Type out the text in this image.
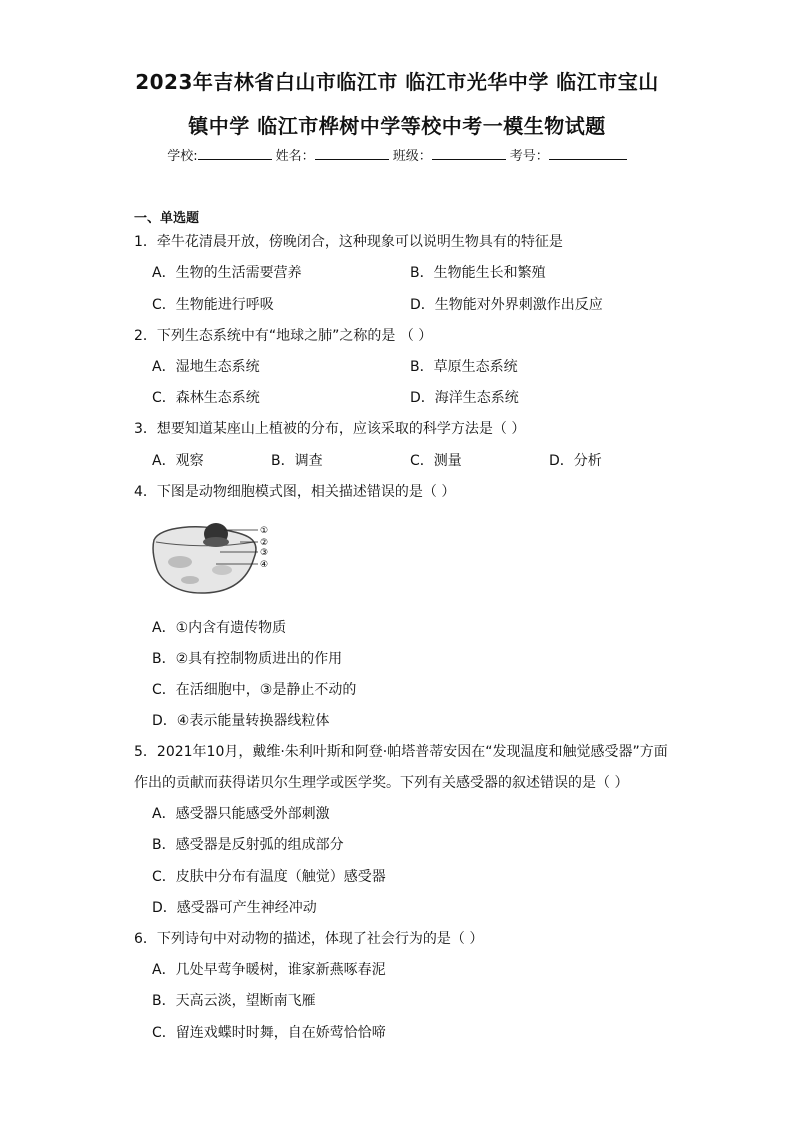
2023年吉林省白山市临江市 临江市光华中学 临江市宝山
镇中学 临江市桦树中学等校中考一模生物试题
学校:	姓名：	班级：	考号：
一、单选题
1．牵牛花清晨开放，傍晚闭合，这种现象可以说明生物具有的特征是
A．生物的生活需要营养	B．生物能生长和繁殖
C．生物能进行呼吸	D．生物能对外界刺激作出反应
2．下列生态系统中有“地球之肺”之称的是 （ ）
A．湿地生态系统	B．草原生态系统
C．森林生态系统	D．海洋生态系统
3．想要知道某座山上植被的分布，应该采取的科学方法是（ ）
A．观察	B．调查	C．测量	D．分析
4．下图是动物细胞模式图，相关描述错误的是（ ）
①
②
③
④
A．①内含有遗传物质
B．②具有控制物质进出的作用
C．在活细胞中，③是静止不动的
D．④表示能量转换器线粒体
5．2021年10月，戴维·朱利叶斯和阿登·帕塔普蒂安因在“发现温度和触觉感受器”方面
作出的贡献而获得诺贝尔生理学或医学奖。下列有关感受器的叙述错误的是（ ）
A．感受器只能感受外部刺激
B．感受器是反射弧的组成部分
C．皮肤中分布有温度（触觉）感受器
D．感受器可产生神经冲动
6．下列诗句中对动物的描述，体现了社会行为的是（ ）
A．几处早莺争暖树，谁家新燕啄春泥
B．天高云淡，望断南飞雁
C．留连戏蝶时时舞，自在娇莺恰恰啼
